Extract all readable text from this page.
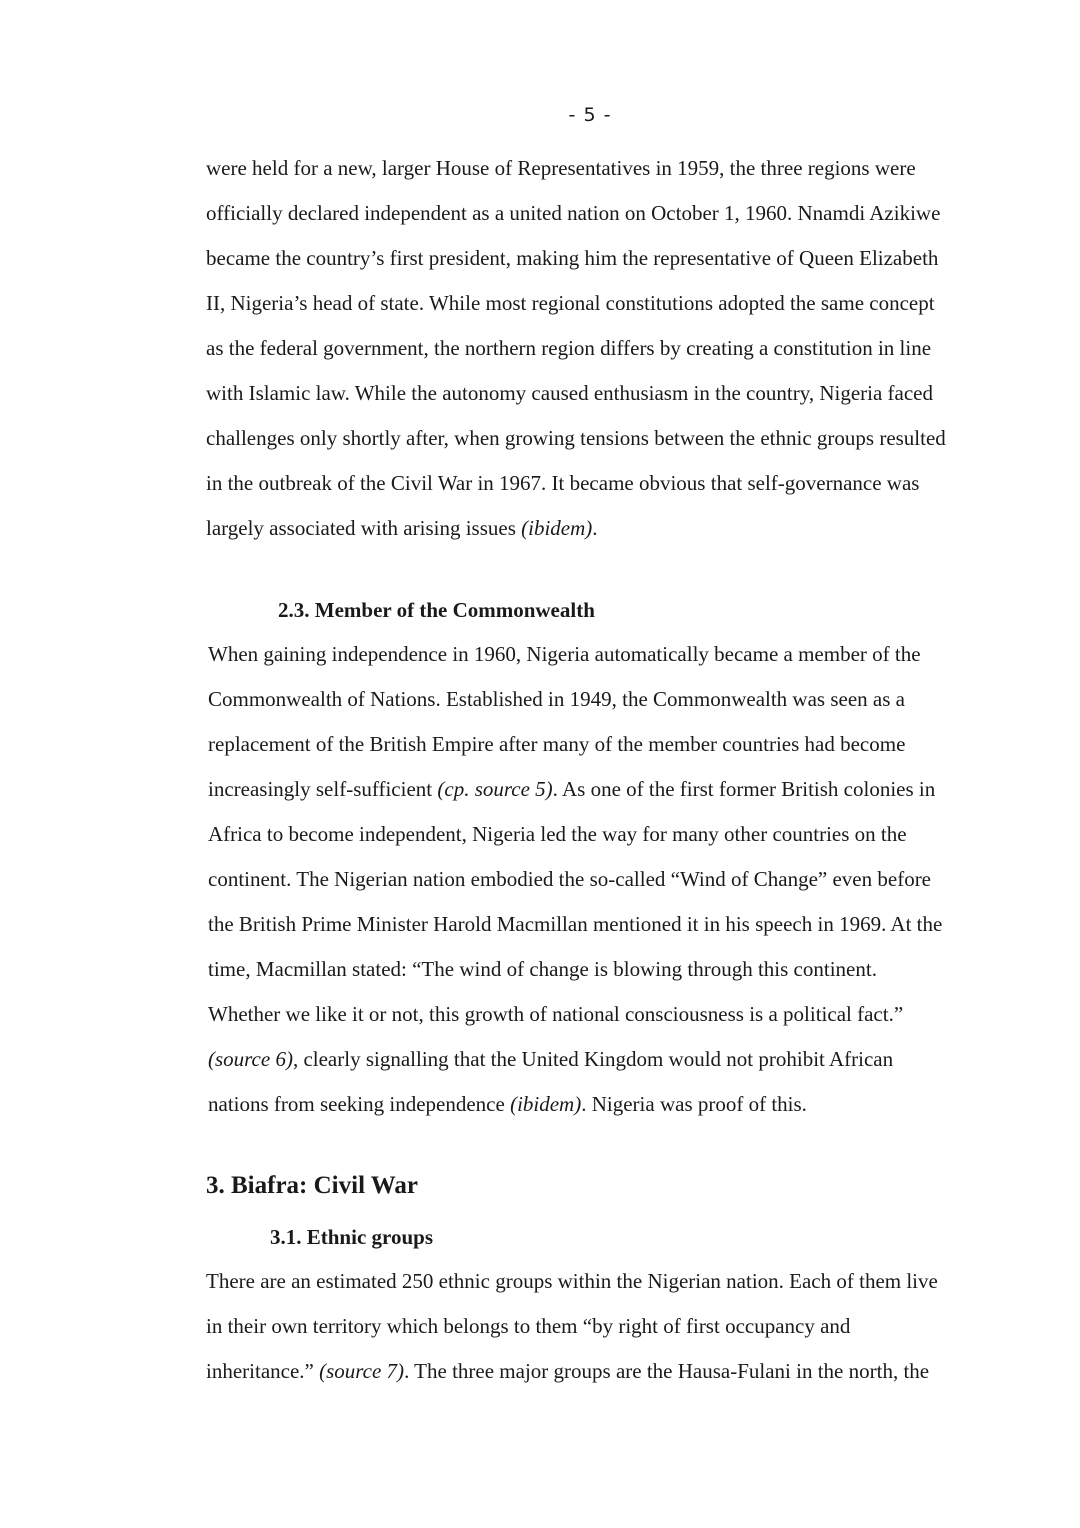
- 5 -
were held for a new, larger House of Representatives in 1959, the three regions were
officially declared independent as a united nation on October 1, 1960. Nnamdi Azikiwe
became the country’s first president, making him the representative of Queen Elizabeth
II, Nigeria’s head of state. While most regional constitutions adopted the same concept
as the federal government, the northern region differs by creating a constitution in line
with Islamic law. While the autonomy caused enthusiasm in the country, Nigeria faced
challenges only shortly after, when growing tensions between the ethnic groups resulted
in the outbreak of the Civil War in 1967. It became obvious that self-governance was
largely associated with arising issues (ibidem).
2.3. Member of the Commonwealth
When gaining independence in 1960, Nigeria automatically became a member of the
Commonwealth of Nations. Established in 1949, the Commonwealth was seen as a
replacement of the British Empire after many of the member countries had become
increasingly self-sufficient (cp. source 5). As one of the first former British colonies in
Africa to become independent, Nigeria led the way for many other countries on the
continent. The Nigerian nation embodied the so-called “Wind of Change” even before
the British Prime Minister Harold Macmillan mentioned it in his speech in 1969. At the
time, Macmillan stated: “The wind of change is blowing through this continent.
Whether we like it or not, this growth of national consciousness is a political fact.”
(source 6), clearly signalling that the United Kingdom would not prohibit African
nations from seeking independence (ibidem). Nigeria was proof of this.
3. Biafra: Civil War
3.1. Ethnic groups
There are an estimated 250 ethnic groups within the Nigerian nation. Each of them live
in their own territory which belongs to them “by right of first occupancy and
inheritance.” (source 7). The three major groups are the Hausa-Fulani in the north, the
